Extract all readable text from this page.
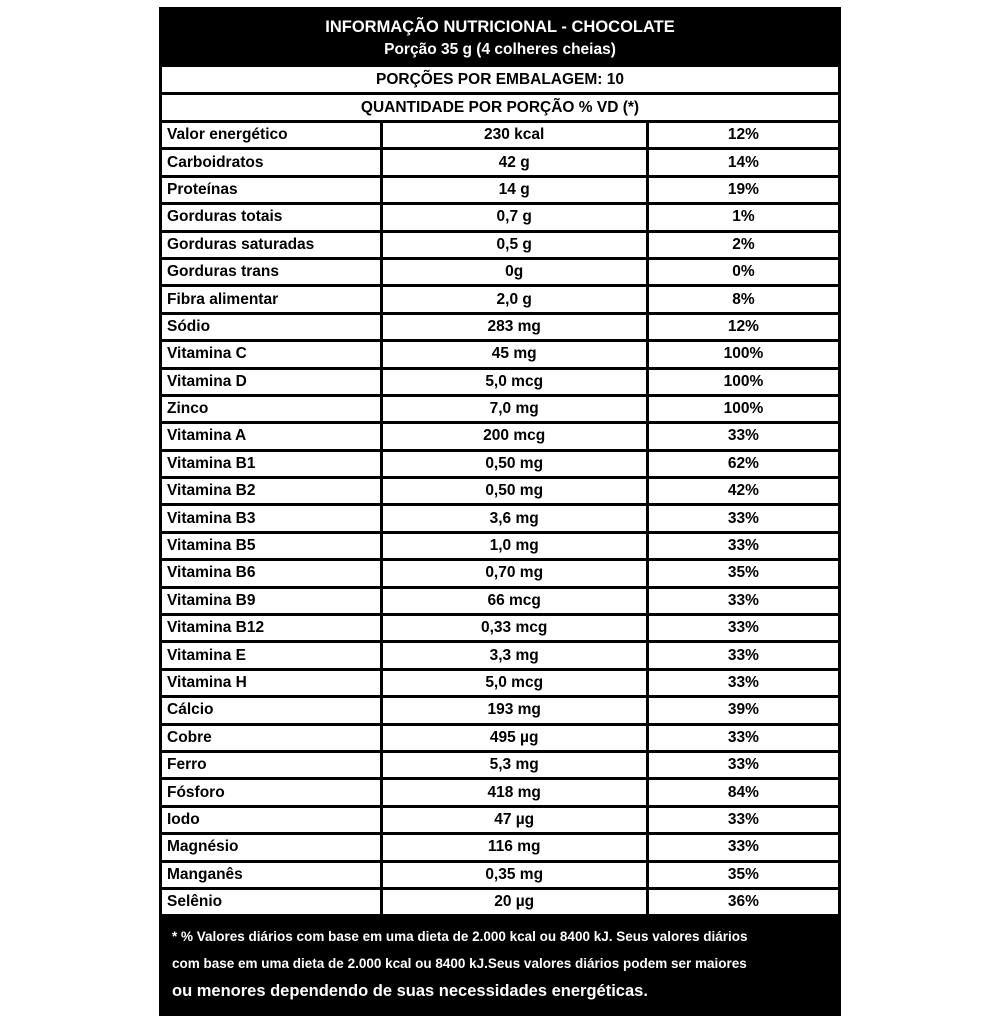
INFORMAÇÃO NUTRICIONAL - CHOCOLATE
Porção 35 g (4 colheres cheias)
PORÇÕES POR EMBALAGEM: 10
QUANTIDADE POR PORÇÃO % VD (*)
Valor energético	230 kcal	12%
Carboidratos	42 g	14%
Proteínas	14 g	19%
Gorduras totais	0,7 g	1%
Gorduras saturadas	0,5 g	2%
Gorduras trans	0g	0%
Fibra alimentar	2,0 g	8%
Sódio	283 mg	12%
Vitamina C	45 mg	100%
Vitamina D	5,0 mcg	100%
Zinco	7,0 mg	100%
Vitamina A	200 mcg	33%
Vitamina B1	0,50 mg	62%
Vitamina B2	0,50 mg	42%
Vitamina B3	3,6 mg	33%
Vitamina B5	1,0 mg	33%
Vitamina B6	0,70 mg	35%
Vitamina B9	66 mcg	33%
Vitamina B12	0,33 mcg	33%
Vitamina E	3,3 mg	33%
Vitamina H	5,0 mcg	33%
Cálcio	193 mg	39%
Cobre	495 µg	33%
Ferro	5,3 mg	33%
Fósforo	418 mg	84%
Iodo	47 µg	33%
Magnésio	116 mg	33%
Manganês	0,35 mg	35%
Selênio	20 µg	36%

* % Valores diários com base em uma dieta de 2.000 kcal ou 8400 kJ. Seus valores diários

com base em uma dieta de 2.000 kcal ou 8400 kJ.Seus valores diários podem ser maiores

ou menores dependendo de suas necessidades energéticas.
